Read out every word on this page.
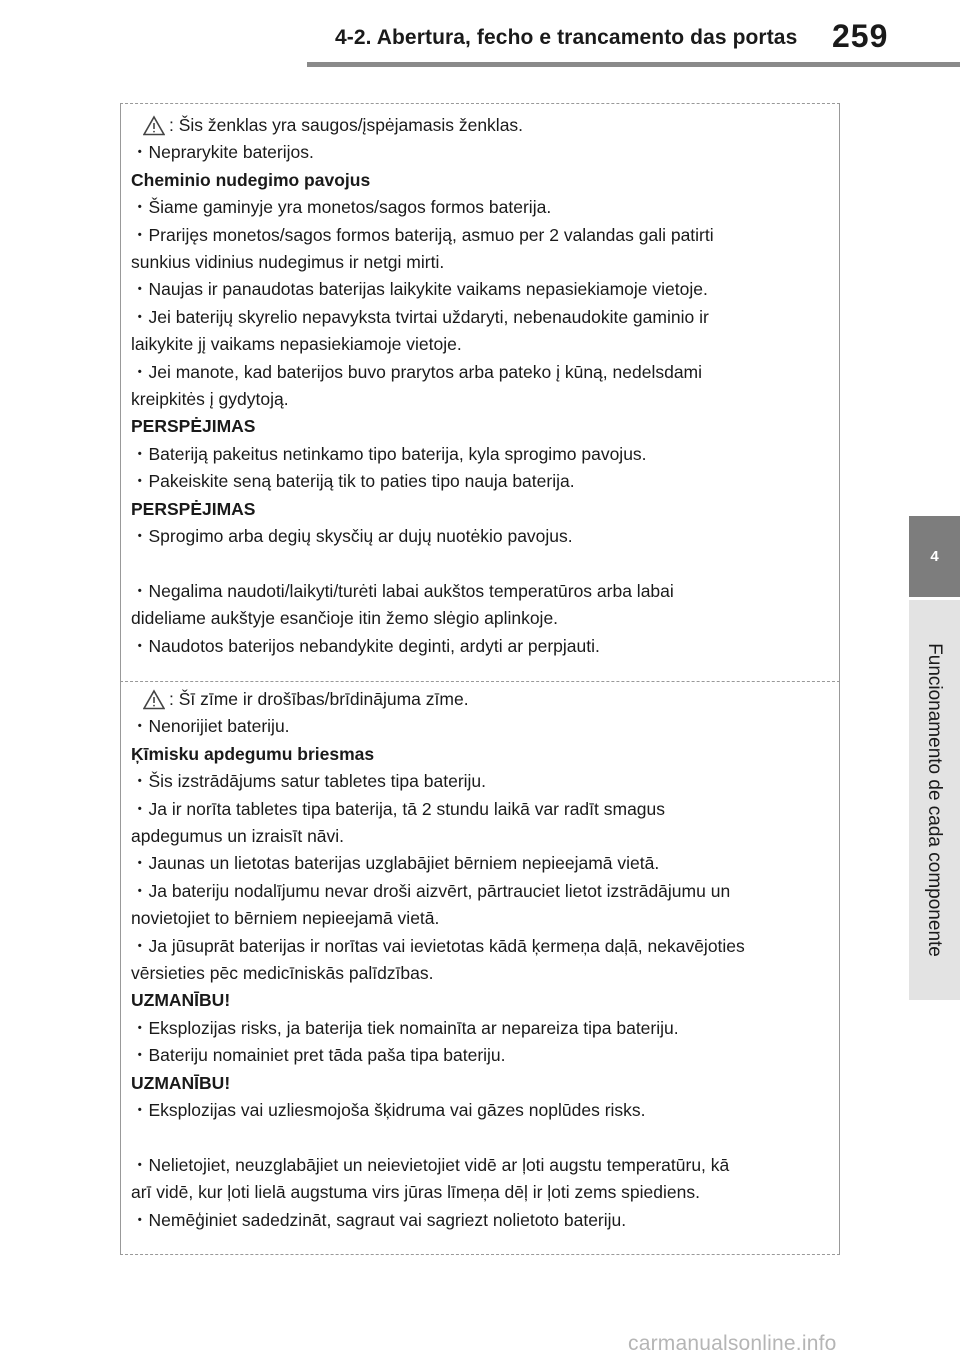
4-2. Abertura, fecho e trancamento das portas 259
4
Funcionamento de cada componente

: Šis ženklas yra saugos/įspėjamasis ženklas.

・Neprarykite baterijos.

Cheminio nudegimo pavojus

・Šiame gaminyje yra monetos/sagos formos baterija.

・Prarijęs monetos/sagos formos bateriją, asmuo per 2 valandas gali patirti

sunkius vidinius nudegimus ir netgi mirti.

・Naujas ir panaudotas baterijas laikykite vaikams nepasiekiamoje vietoje.

・Jei baterijų skyrelio nepavyksta tvirtai uždaryti, nebenaudokite gaminio ir

laikykite jį vaikams nepasiekiamoje vietoje.

・Jei manote, kad baterijos buvo prarytos arba pateko į kūną, nedelsdami

kreipkitės į gydytoją.

PERSPĖJIMAS

・Bateriją pakeitus netinkamo tipo baterija, kyla sprogimo pavojus.

・Pakeiskite seną bateriją tik to paties tipo nauja baterija.

PERSPĖJIMAS

・Sprogimo arba degių skysčių ar dujų nuotėkio pavojus.

・Negalima naudoti/laikyti/turėti labai aukštos temperatūros arba labai

dideliame aukštyje esančioje itin žemo slėgio aplinkoje.

・Naudotos baterijos nebandykite deginti, ardyti ar perpjauti.

: Šī zīme ir drošības/brīdinājuma zīme.

・Nenorijiet bateriju.

Ķīmisku apdegumu briesmas

・Šis izstrādājums satur tabletes tipa bateriju.

・Ja ir norīta tabletes tipa baterija, tā 2 stundu laikā var radīt smagus

apdegumus un izraisīt nāvi.

・Jaunas un lietotas baterijas uzglabājiet bērniem nepieejamā vietā.

・Ja bateriju nodalījumu nevar droši aizvērt, pārtrauciet lietot izstrādājumu un

novietojiet to bērniem nepieejamā vietā.

・Ja jūsuprāt baterijas ir norītas vai ievietotas kādā ķermeņa daļā, nekavējoties

vērsieties pēc medicīniskās palīdzības.

UZMANĪBU!

・Eksplozijas risks, ja baterija tiek nomainīta ar nepareiza tipa bateriju.

・Bateriju nomainiet pret tāda paša tipa bateriju.

UZMANĪBU!

・Eksplozijas vai uzliesmojoša šķidruma vai gāzes noplūdes risks.

・Nelietojiet, neuzglabājiet un neievietojiet vidē ar ļoti augstu temperatūru, kā

arī vidē, kur ļoti lielā augstuma virs jūras līmeņa dēļ ir ļoti zems spiediens.

・Nemēģiniet sadedzināt, sagraut vai sagriezt nolietoto bateriju.

carmanualsonline.info
